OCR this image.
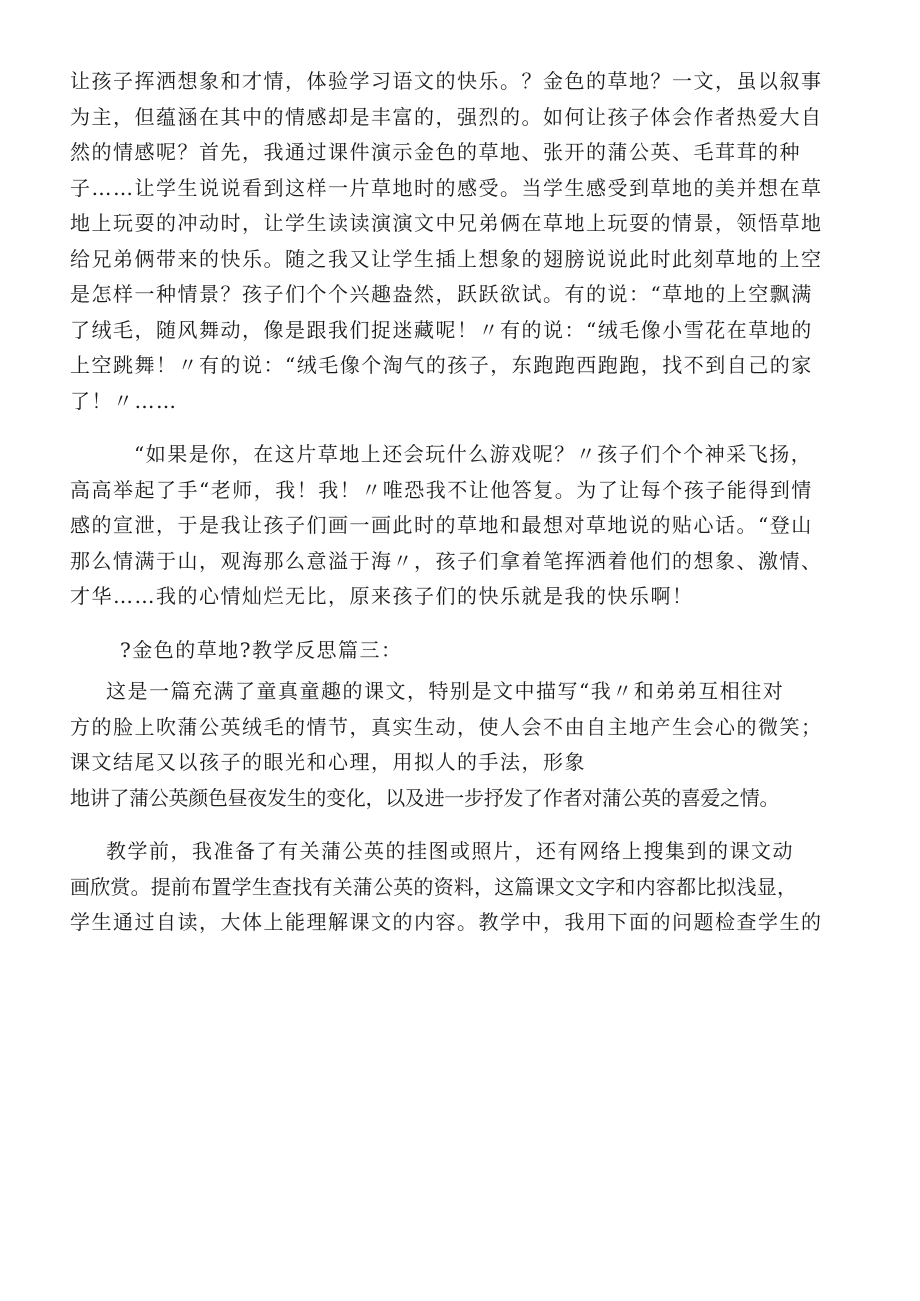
让孩子挥洒想象和才情，体验学习语文的快乐。？金色的草地？一文，虽以叙事
为主，但蕴涵在其中的情感却是丰富的，强烈的。如何让孩子体会作者热爱大自
然的情感呢？首先，我通过课件演示金色的草地、张开的蒲公英、毛茸茸的种
子……让学生说说看到这样一片草地时的感受。当学生感受到草地的美并想在草
地上玩耍的冲动时，让学生读读演演文中兄弟俩在草地上玩耍的情景，领悟草地
给兄弟俩带来的快乐。随之我又让学生插上想象的翅膀说说此时此刻草地的上空
是怎样一种情景？孩子们个个兴趣盎然，跃跃欲试。有的说：“草地的上空飘满
了绒毛，随风舞动，像是跟我们捉迷藏呢！〃有的说：“绒毛像小雪花在草地的
上空跳舞！〃有的说：“绒毛像个淘气的孩子，东跑跑西跑跑，找不到自己的家
了！〃……
“如果是你，在这片草地上还会玩什么游戏呢？〃孩子们个个神采飞扬，
高高举起了手“老师，我！我！〃唯恐我不让他答复。为了让每个孩子能得到情
感的宣泄，于是我让孩子们画一画此时的草地和最想对草地说的贴心话。“登山
那么情满于山，观海那么意溢于海〃，孩子们拿着笔挥洒着他们的想象、激情、
才华……我的心情灿烂无比，原来孩子们的快乐就是我的快乐啊！
?金色的草地?教学反思篇三：
这是一篇充满了童真童趣的课文，特别是文中描写“我〃和弟弟互相往对
方的脸上吹蒲公英绒毛的情节，真实生动，使人会不由自主地产生会心的微笑；
课文结尾又以孩子的眼光和心理，用拟人的手法，形象
地讲了蒲公英颜色昼夜发生的变化，以及进一步抒发了作者对蒲公英的喜爱之情。
教学前，我准备了有关蒲公英的挂图或照片，还有网络上搜集到的课文动
画欣赏。提前布置学生查找有关蒲公英的资料，这篇课文文字和内容都比拟浅显，
学生通过自读，大体上能理解课文的内容。教学中，我用下面的问题检查学生的
